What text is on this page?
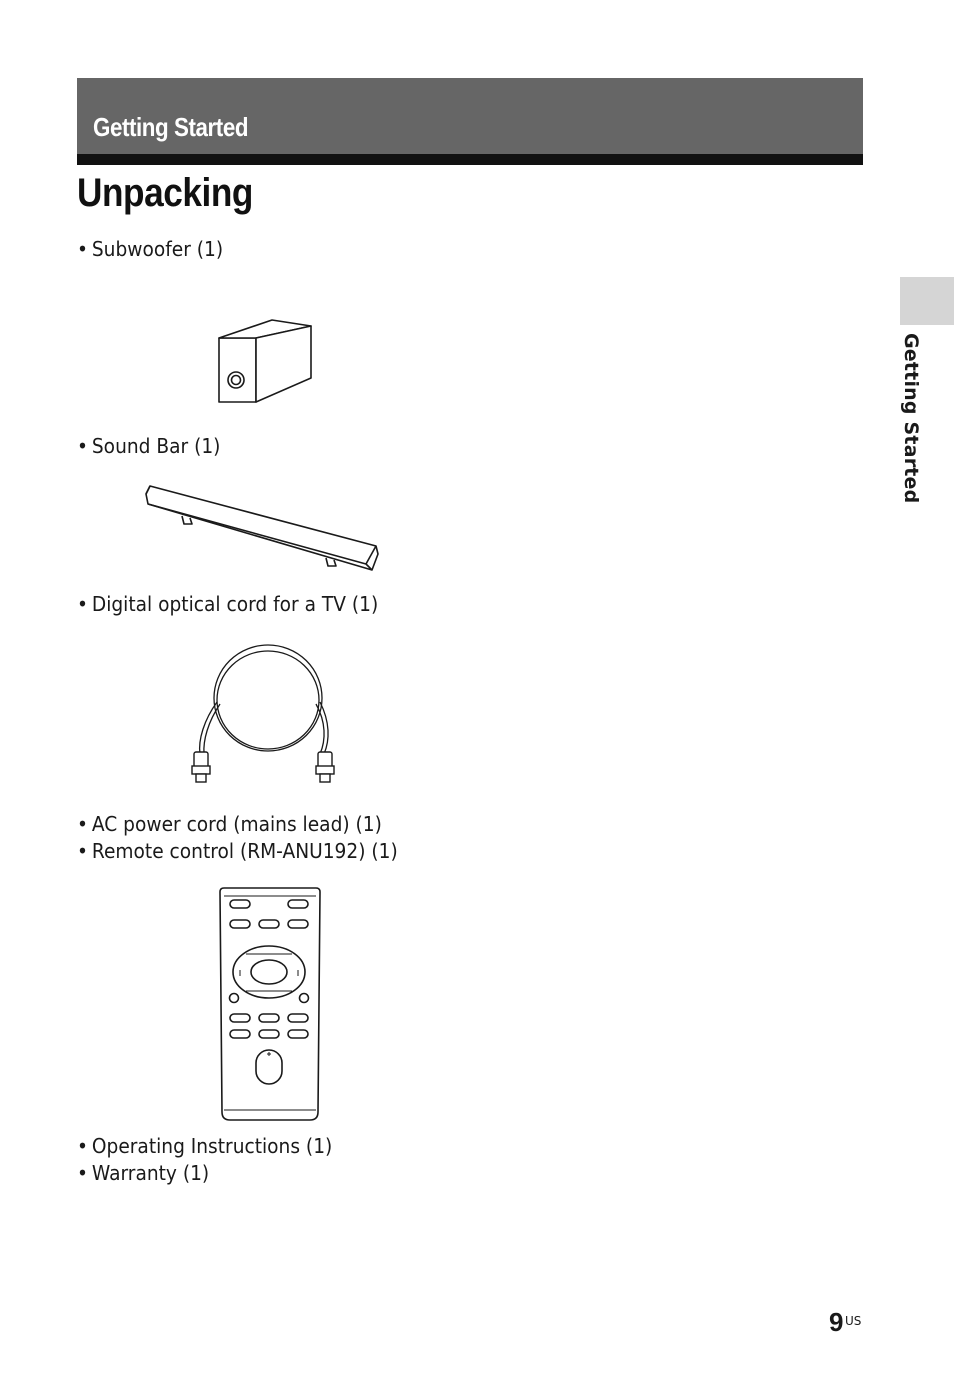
Getting Started
Unpacking
• Subwoofer (1)
• Sound Bar (1)
• Digital optical cord for a TV (1)
• AC power cord (mains lead) (1)
• Remote control (RM-ANU192) (1)
• Operating Instructions (1)
• Warranty (1)
Getting Started
9 US
